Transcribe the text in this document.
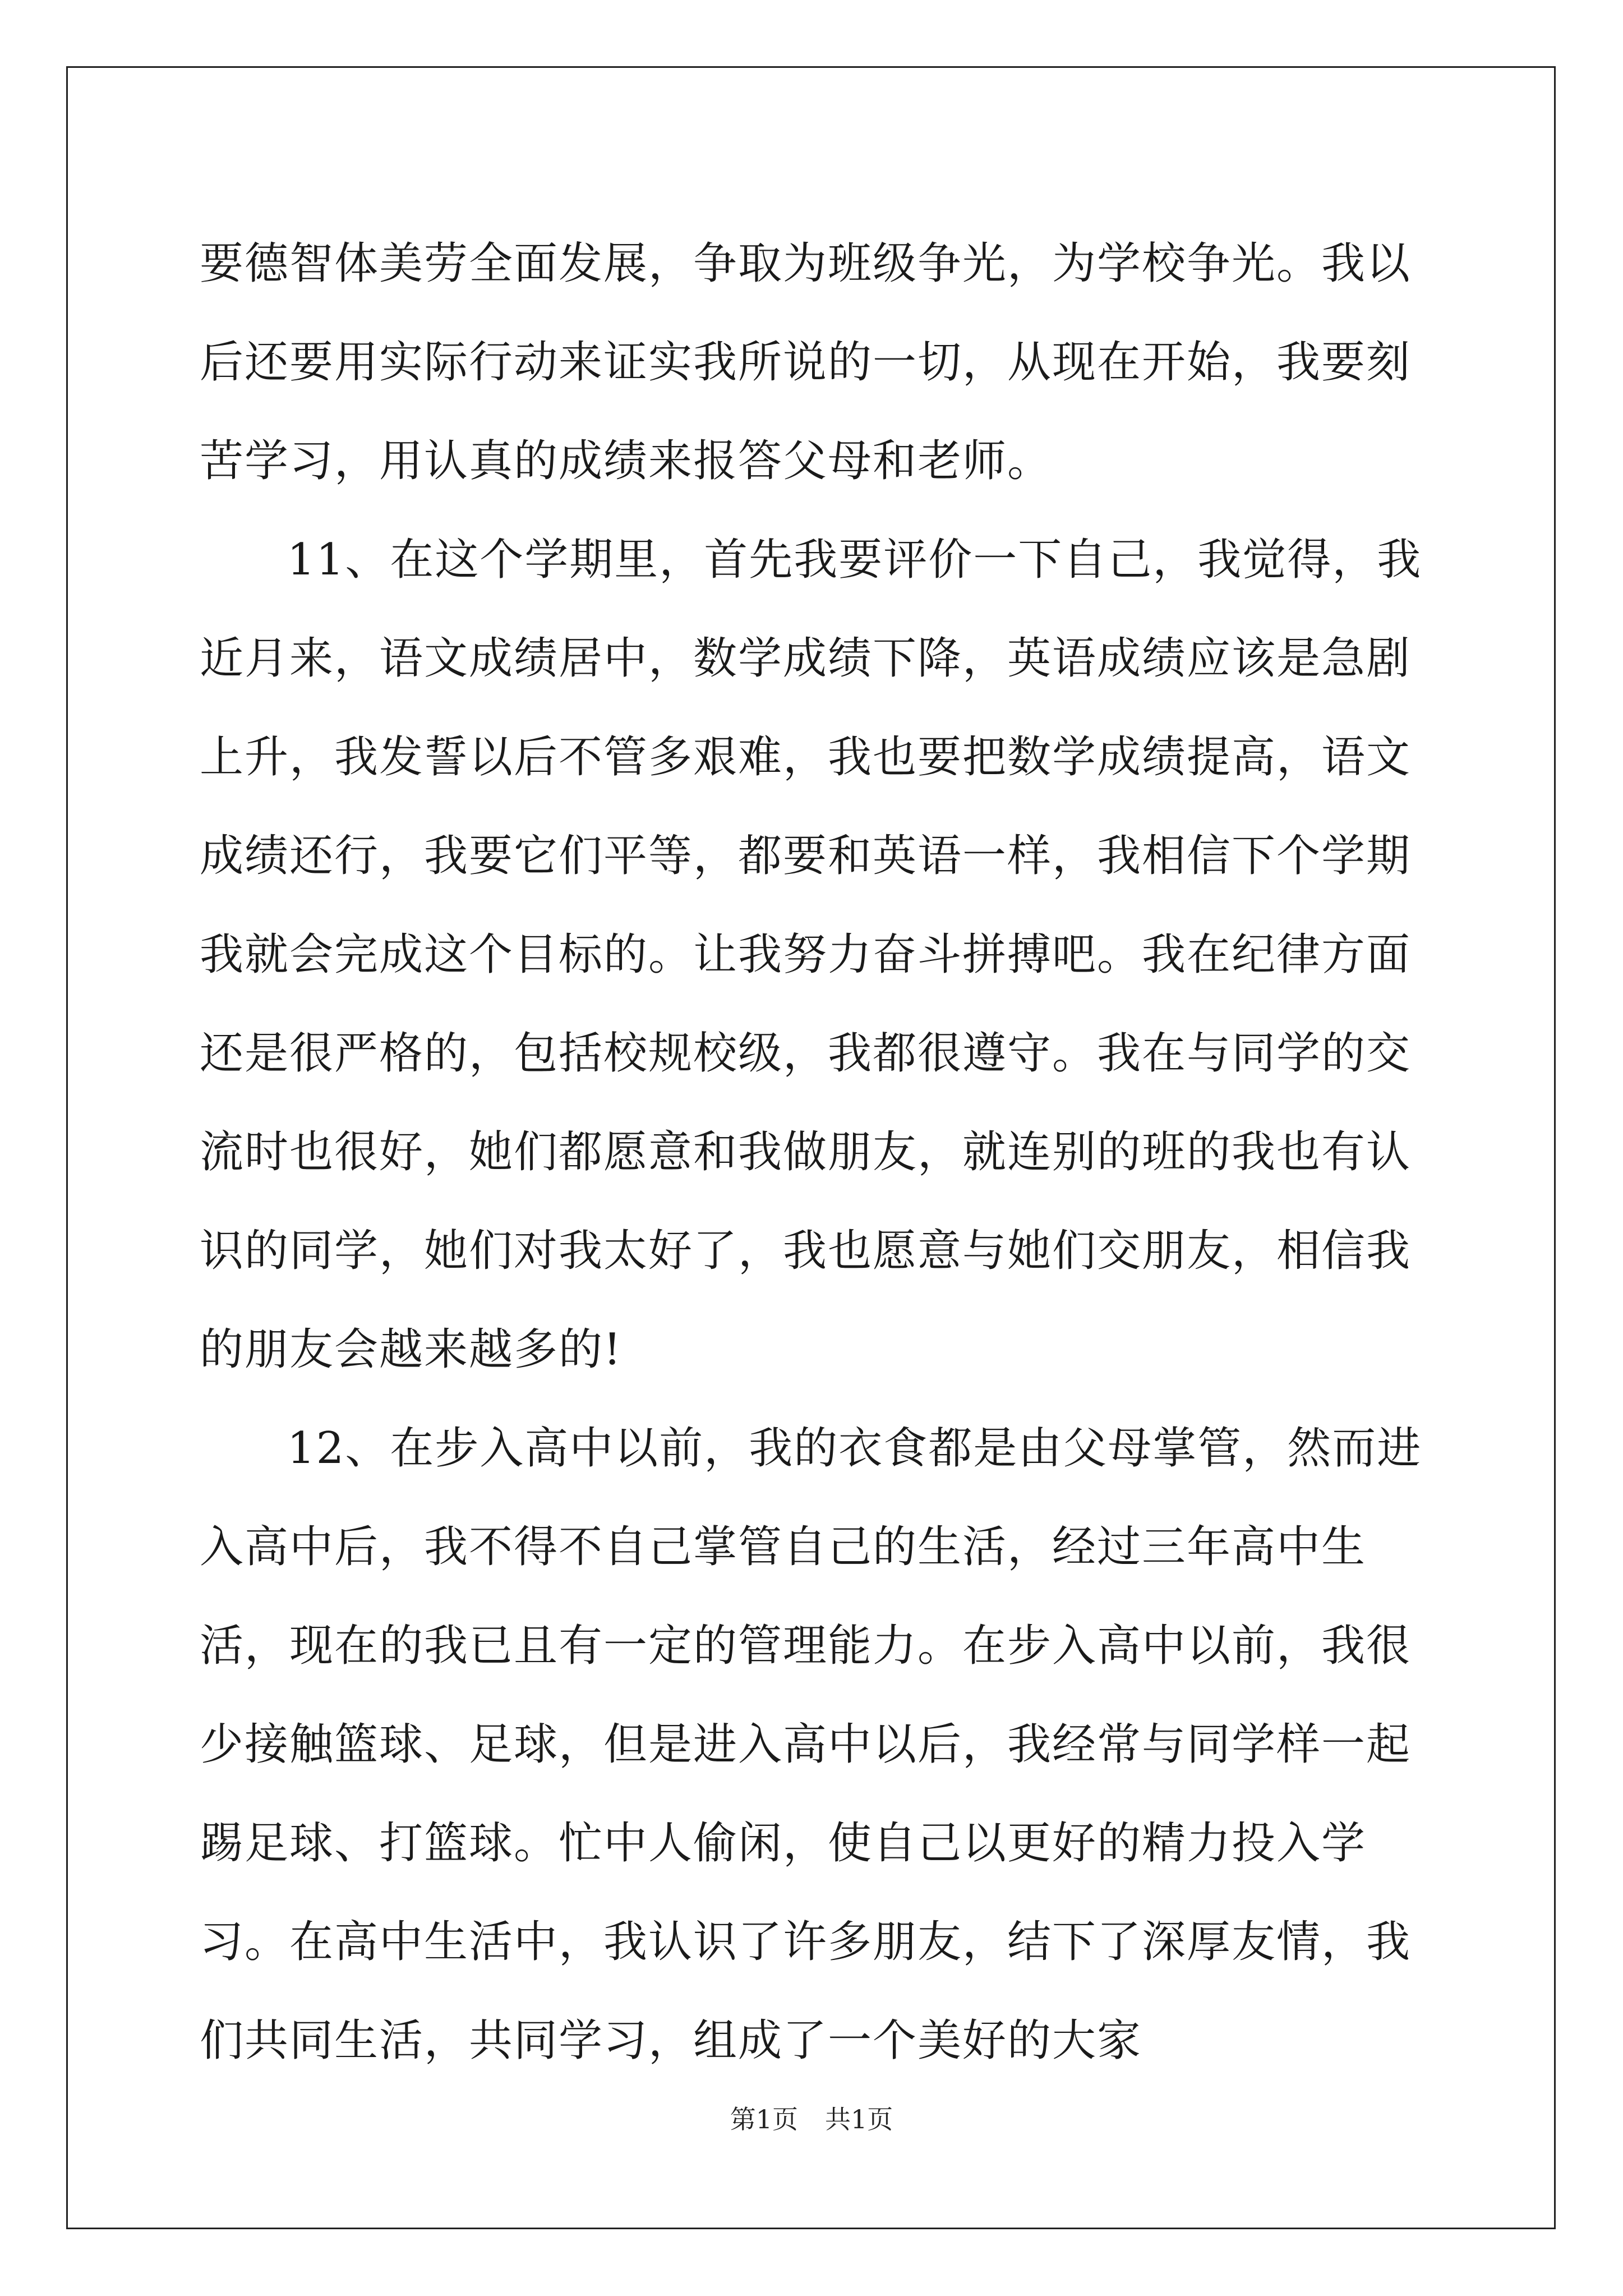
要德智体美劳全面发展，争取为班级争光，为学校争光。我以后还要用实际行动来证实我所说的一切，从现在开始，我要刻苦学习，用认真的成绩来报答父母和老师。

11、在这个学期里，首先我要评价一下自己，我觉得，我近月来，语文成绩居中，数学成绩下降，英语成绩应该是急剧上升，我发誓以后不管多艰难，我也要把数学成绩提高，语文成绩还行，我要它们平等，都要和英语一样，我相信下个学期我就会完成这个目标的。让我努力奋斗拼搏吧。我在纪律方面还是很严格的，包括校规校级，我都很遵守。我在与同学的交流时也很好，她们都愿意和我做朋友，就连别的班的我也有认识的同学，她们对我太好了，我也愿意与她们交朋友，相信我的朋友会越来越多的!

12、在步入高中以前，我的衣食都是由父母掌管，然而进入高中后，我不得不自己掌管自己的生活，经过三年高中生活，现在的我已且有一定的管理能力。在步入高中以前，我很少接触篮球、足球，但是进入高中以后，我经常与同学样一起踢足球、打篮球。忙中人偷闲，使自己以更好的精力投入学习。在高中生活中，我认识了许多朋友，结下了深厚友情，我们共同生活，共同学习，组成了一个美好的大家

第1页 共1页
